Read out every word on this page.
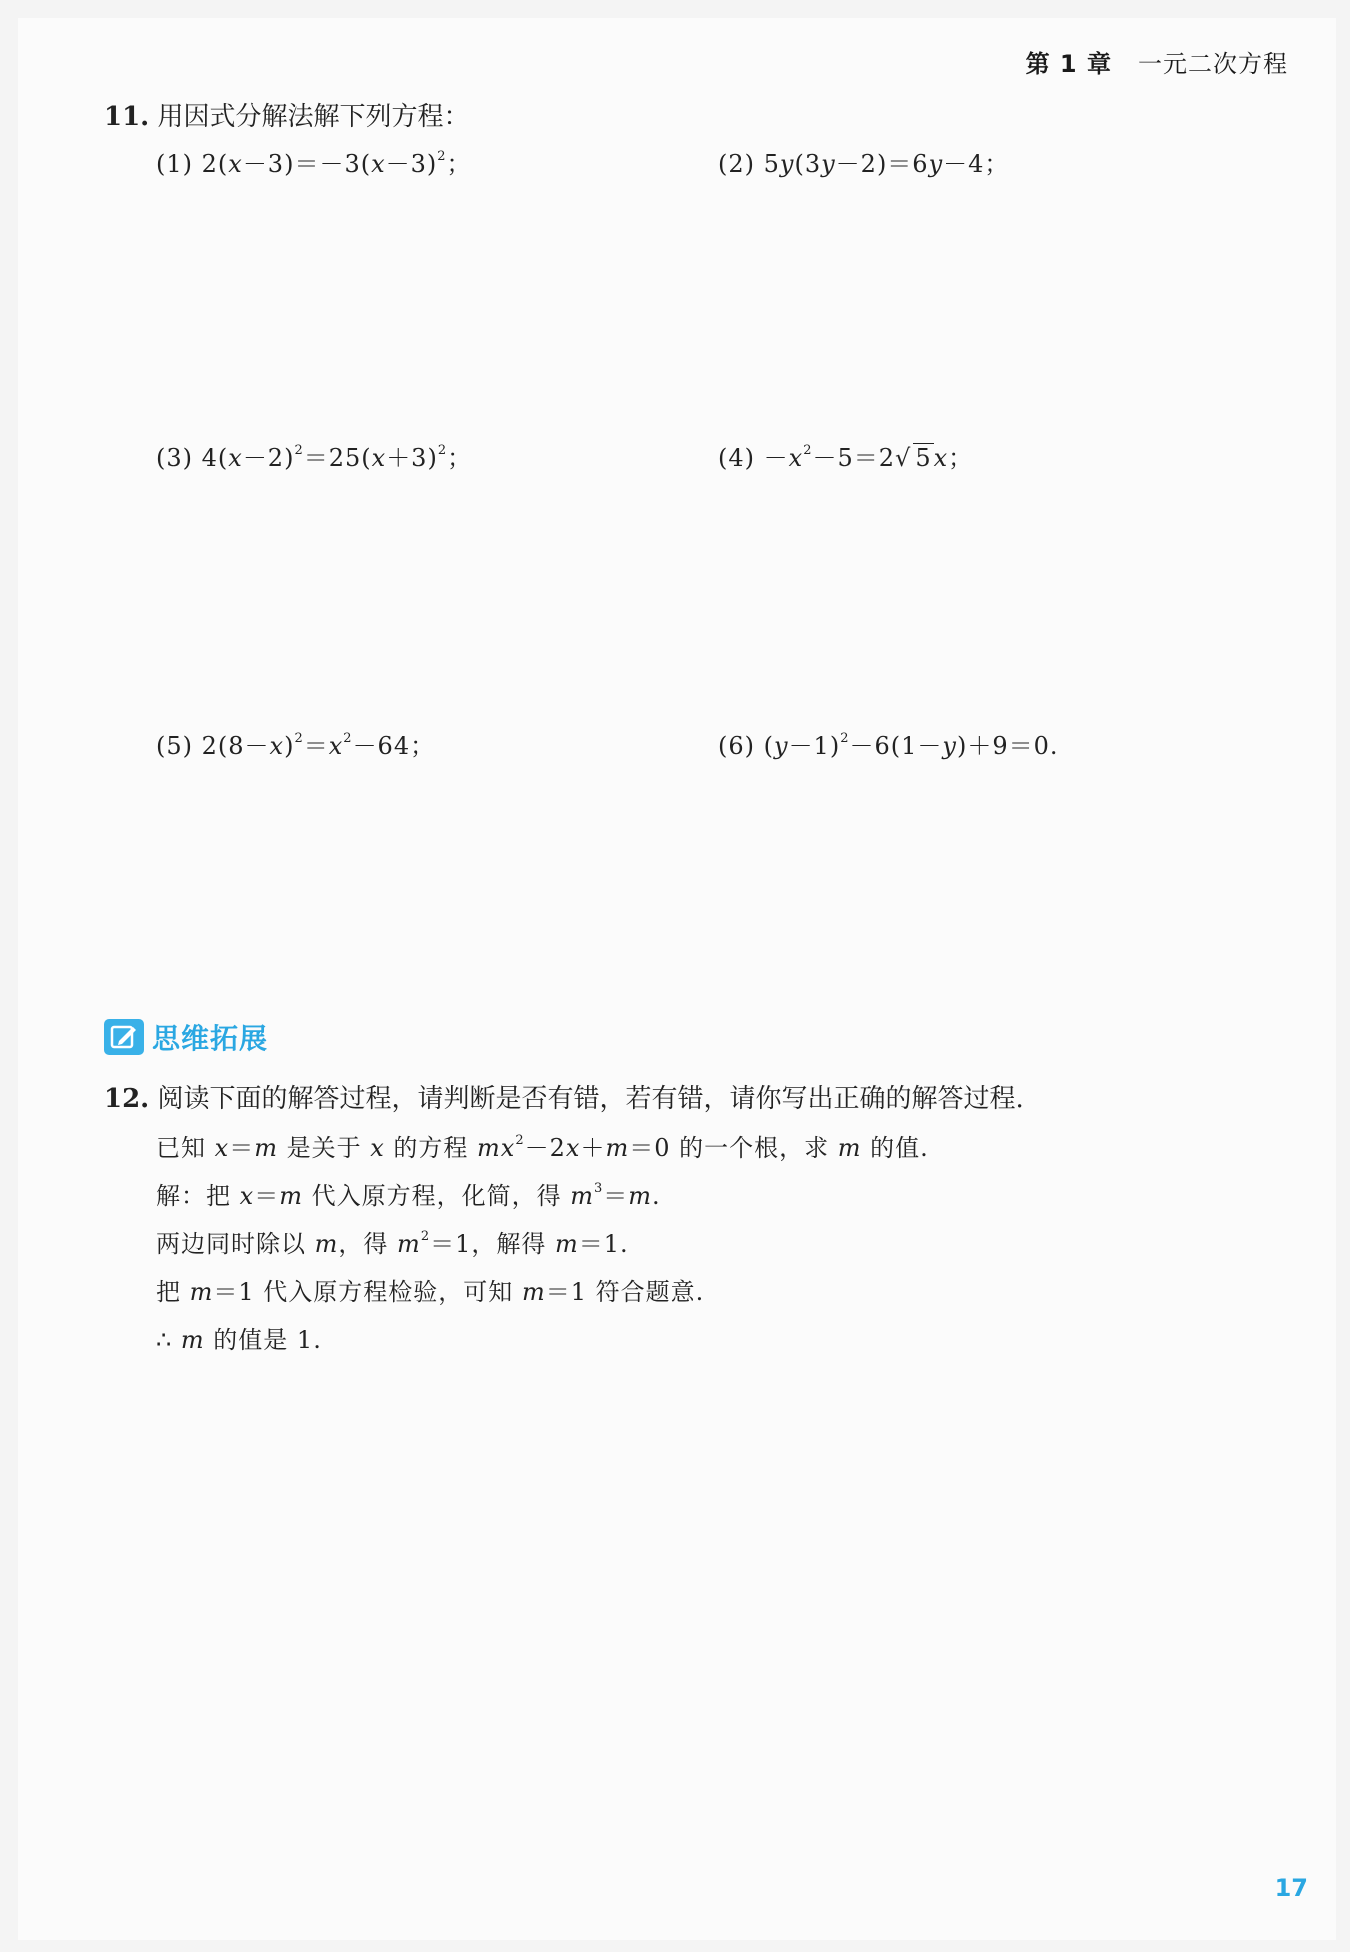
第 1 章 一元二次方程
11. 用因式分解法解下列方程：
(1) $2(x-3)=-3(x-3)^2$；	(2) 5y(3y－2)＝6y－4；
(3) $4(x-2)^2=25(x+3)^2$；	$(4) -x^2-5=2√$ 5x；
(5) $2(8-x)^2=x^2-64$；	(6) $(y-1)^2-6(1-y)+9=0$.
思维拓展
12. 阅读下面的解答过程，请判断是否有错，若有错，请你写出正确的解答过程.
已知 x＝m 是关于 x 的方程 $mx^2-2x+m=0$ 的一个根，求 m 的值.
解：把 x＝m 代入原方程，化简，得 $m^3=m$.
两边同时除以 m，得 $m^2=1$，解得 m＝1.
把 m＝1 代入原方程检验，可知 m＝1 符合题意.
∴ m 的值是 1.
17
